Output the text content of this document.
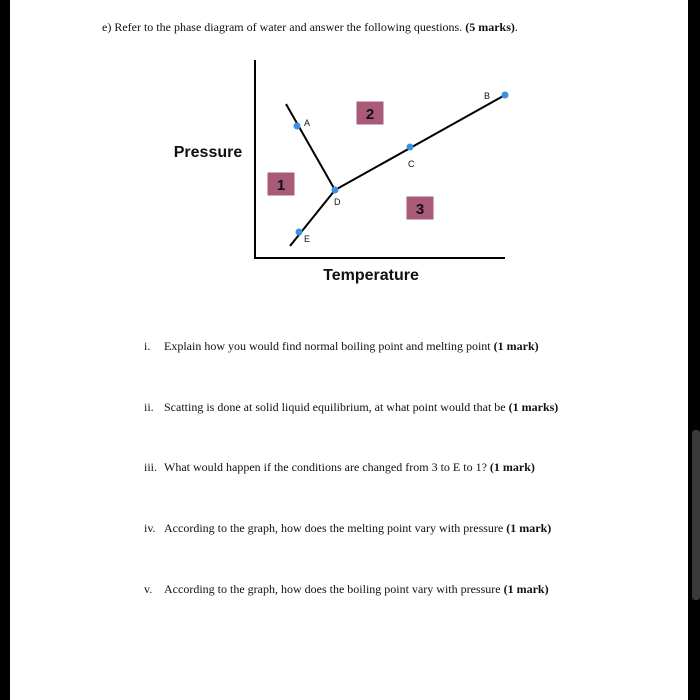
e) Refer to the phase diagram of water and answer the following questions. (5 marks).
Pressure
Temperature
1
2
3
A
B
C
D
E
i. Explain how you would find normal boiling point and melting point (1 mark)
ii. Scatting is done at solid liquid equilibrium, at what point would that be (1 marks)
iii. What would happen if the conditions are changed from 3 to E to 1? (1 mark)
iv. According to the graph, how does the melting point vary with pressure (1 mark)
v. According to the graph, how does the boiling point vary with pressure (1 mark)
